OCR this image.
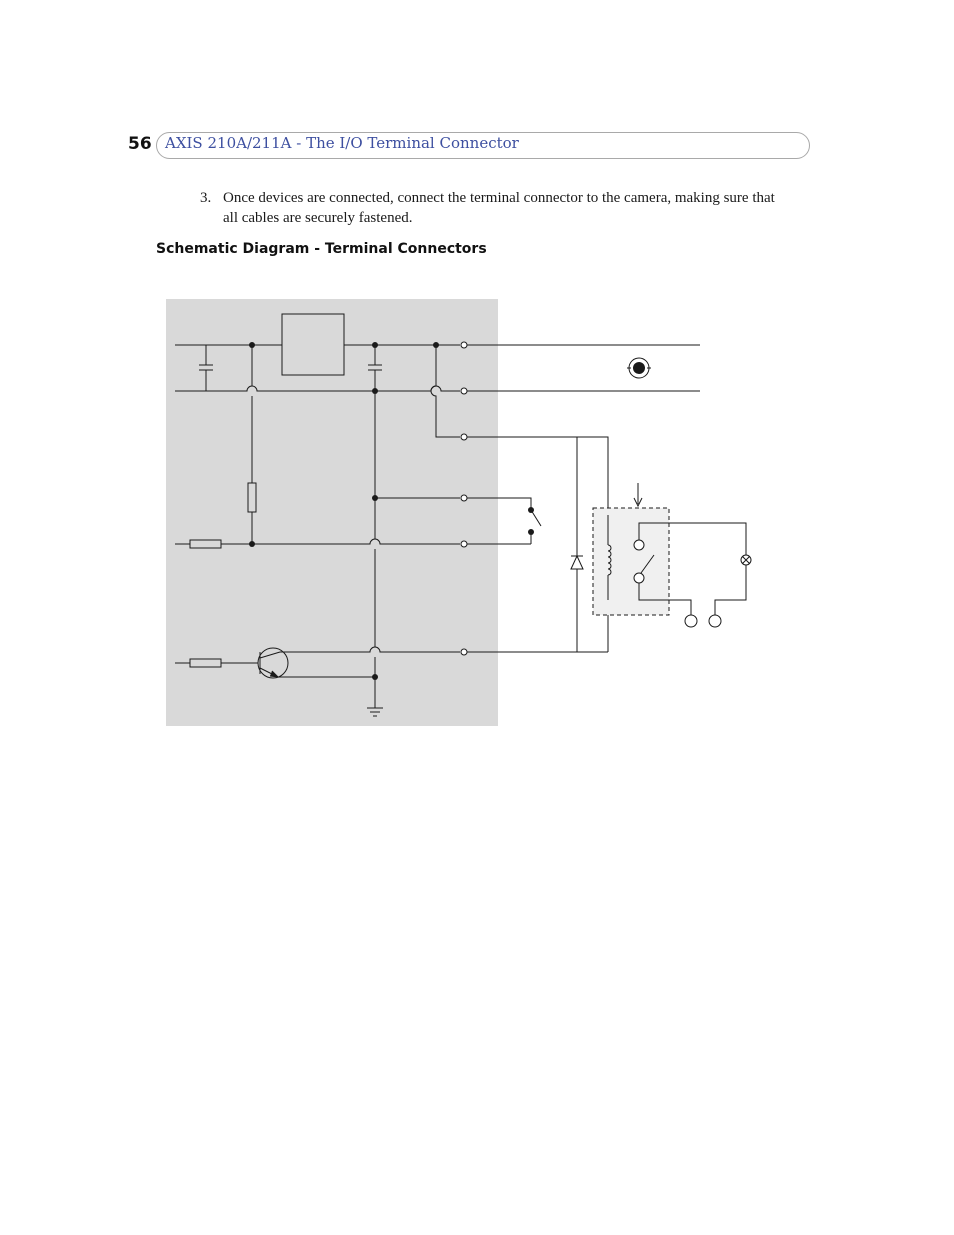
56 AXIS 210A/211A - The I/O Terminal Connector
3. Once devices are connected, connect the terminal connector to the camera, making sure that all cables are securely fastened.
Schematic Diagram - Terminal Connectors
